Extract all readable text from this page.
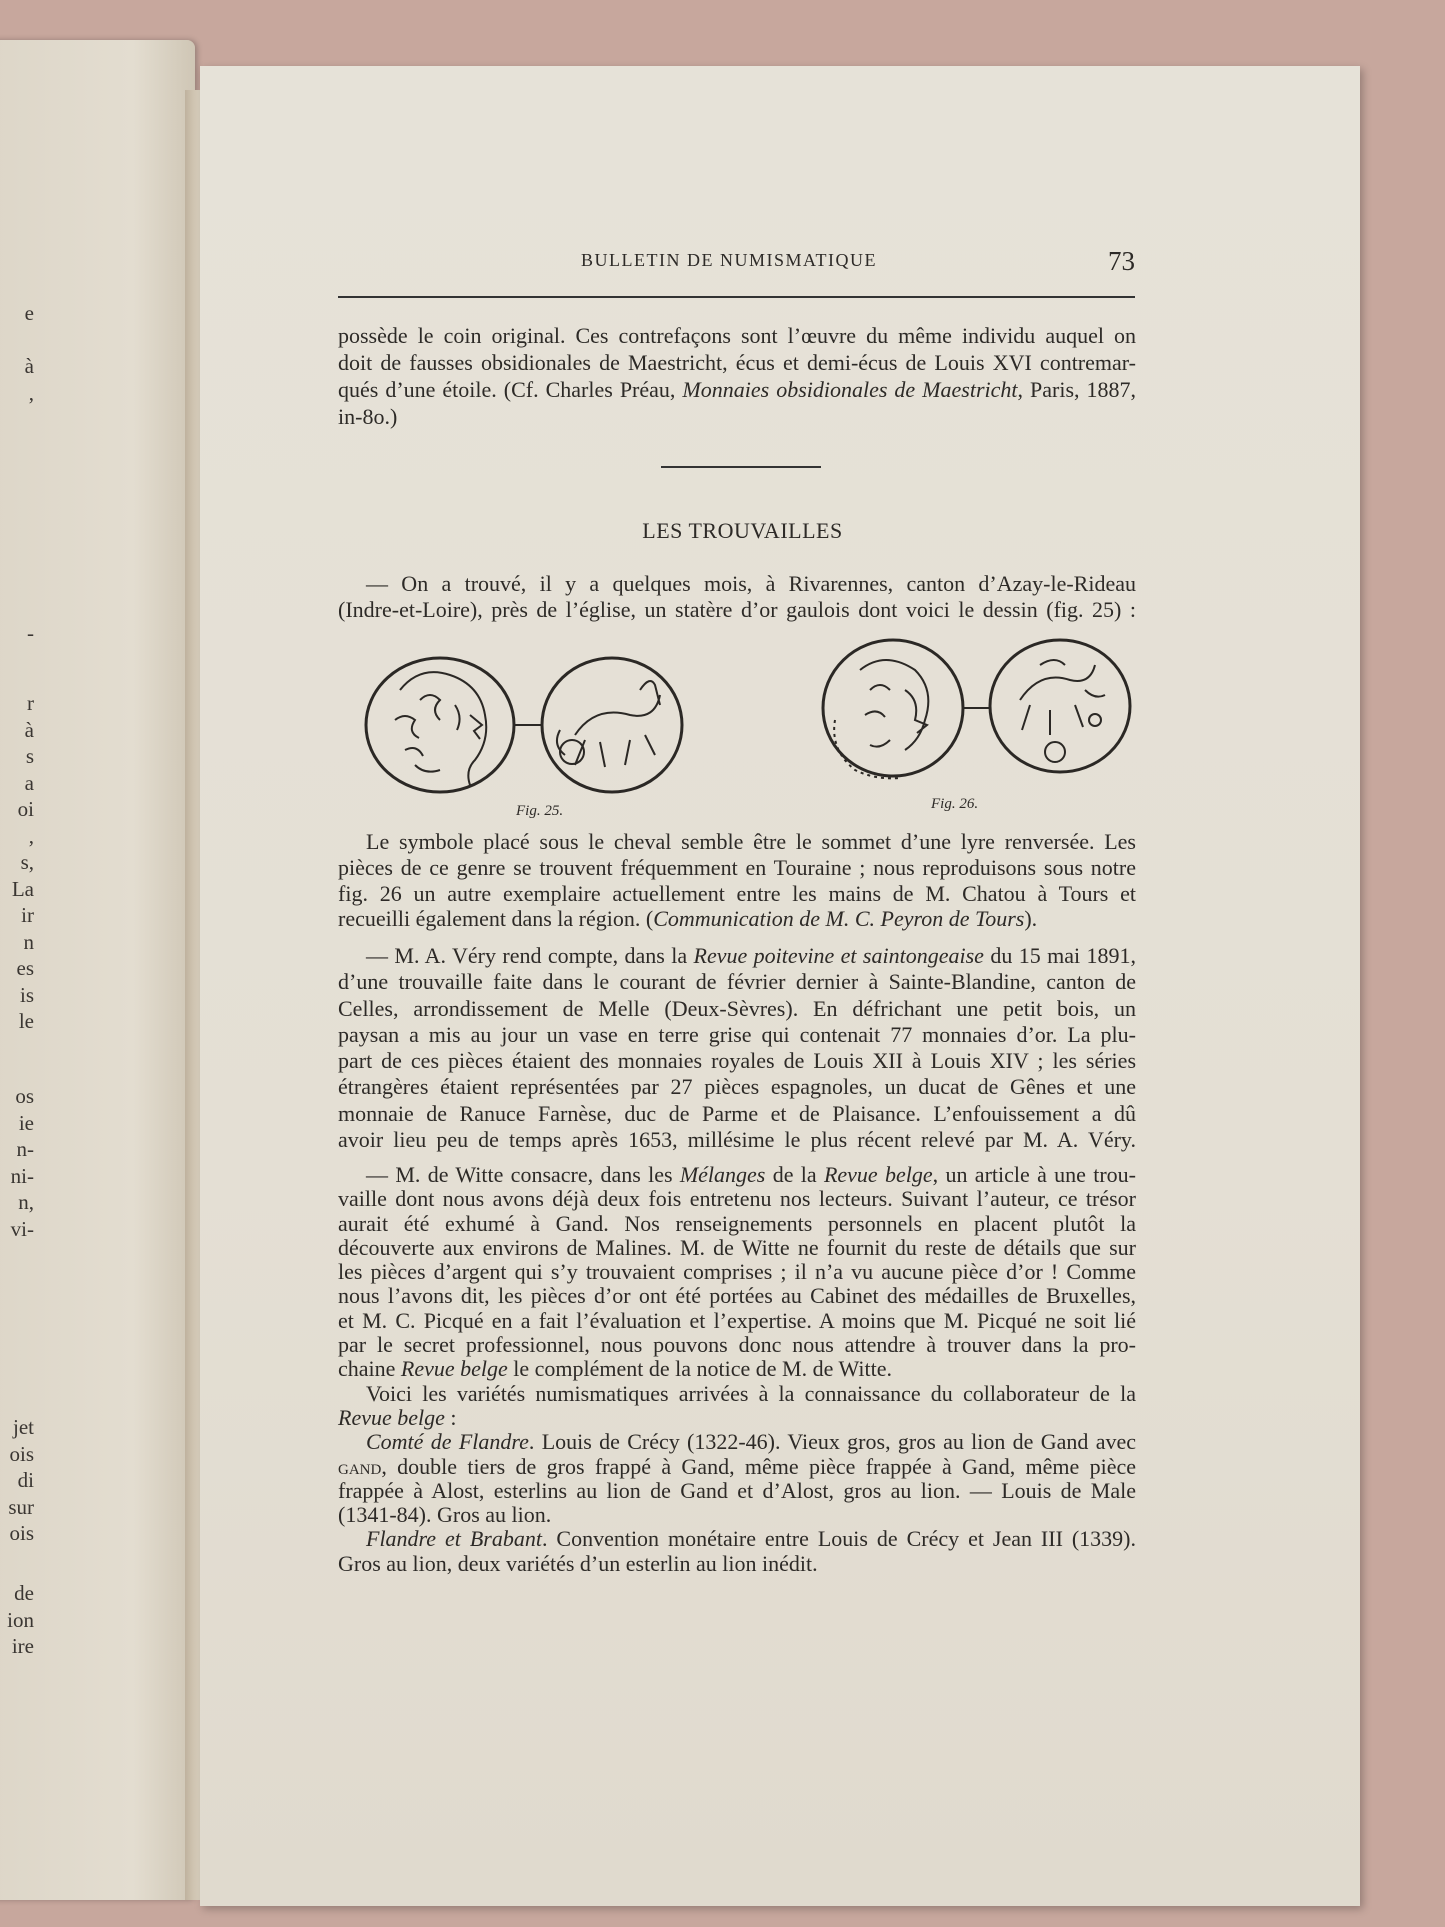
e

à
,
-
r
à
s
a
oi
,
s,
La
ir
n
es
is
le
os
ie
n-
ni-
n,
vi-
jet
ois
di
sur
ois
de
ion
ire
BULLETIN DE NUMISMATIQUE	73
possède le coin original. Ces contrefaçons sont l’œuvre du même individu auquel on
doit de fausses obsidionales de Maestricht, écus et demi-écus de Louis XVI contremar-
qués d’une étoile. (Cf. Charles Préau, Monnaies obsidionales de Maestricht, Paris, 1887,
in-8o.)
LES TROUVAILLES
— On a trouvé, il y a quelques mois, à Rivarennes, canton d’Azay-le-Rideau
(Indre-et-Loire), près de l’église, un statère d’or gaulois dont voici le dessin (fig. 25) :
Fig. 25.	Fig. 26.
Le symbole placé sous le cheval semble être le sommet d’une lyre renversée. Les
pièces de ce genre se trouvent fréquemment en Touraine ; nous reproduisons sous notre
fig. 26 un autre exemplaire actuellement entre les mains de M. Chatou à Tours et
recueilli également dans la région. (Communication de M. C. Peyron de Tours).
— M. A. Véry rend compte, dans la Revue poitevine et saintongeaise du 15 mai 1891,
d’une trouvaille faite dans le courant de février dernier à Sainte-Blandine, canton de
Celles, arrondissement de Melle (Deux-Sèvres). En défrichant une petit bois, un
paysan a mis au jour un vase en terre grise qui contenait 77 monnaies d’or. La plu-
part de ces pièces étaient des monnaies royales de Louis XII à Louis XIV ; les séries
étrangères étaient représentées par 27 pièces espagnoles, un ducat de Gênes et une
monnaie de Ranuce Farnèse, duc de Parme et de Plaisance. L’enfouissement a dû
avoir lieu peu de temps après 1653, millésime le plus récent relevé par M. A. Véry.
— M. de Witte consacre, dans les Mélanges de la Revue belge, un article à une trou-
vaille dont nous avons déjà deux fois entretenu nos lecteurs. Suivant l’auteur, ce trésor
aurait été exhumé à Gand. Nos renseignements personnels en placent plutôt la
découverte aux environs de Malines. M. de Witte ne fournit du reste de détails que sur
les pièces d’argent qui s’y trouvaient comprises ; il n’a vu aucune pièce d’or ! Comme
nous l’avons dit, les pièces d’or ont été portées au Cabinet des médailles de Bruxelles,
et M. C. Picqué en a fait l’évaluation et l’expertise. A moins que M. Picqué ne soit lié
par le secret professionnel, nous pouvons donc nous attendre à trouver dans la pro-
chaine Revue belge le complément de la notice de M. de Witte.
Voici les variétés numismatiques arrivées à la connaissance du collaborateur de la
Revue belge :
Comté de Flandre. Louis de Crécy (1322-46). Vieux gros, gros au lion de Gand avec
gand, double tiers de gros frappé à Gand, même pièce frappée à Gand, même pièce
frappée à Alost, esterlins au lion de Gand et d’Alost, gros au lion. — Louis de Male
(1341-84). Gros au lion.
Flandre et Brabant. Convention monétaire entre Louis de Crécy et Jean III (1339).
Gros au lion, deux variétés d’un esterlin au lion inédit.
